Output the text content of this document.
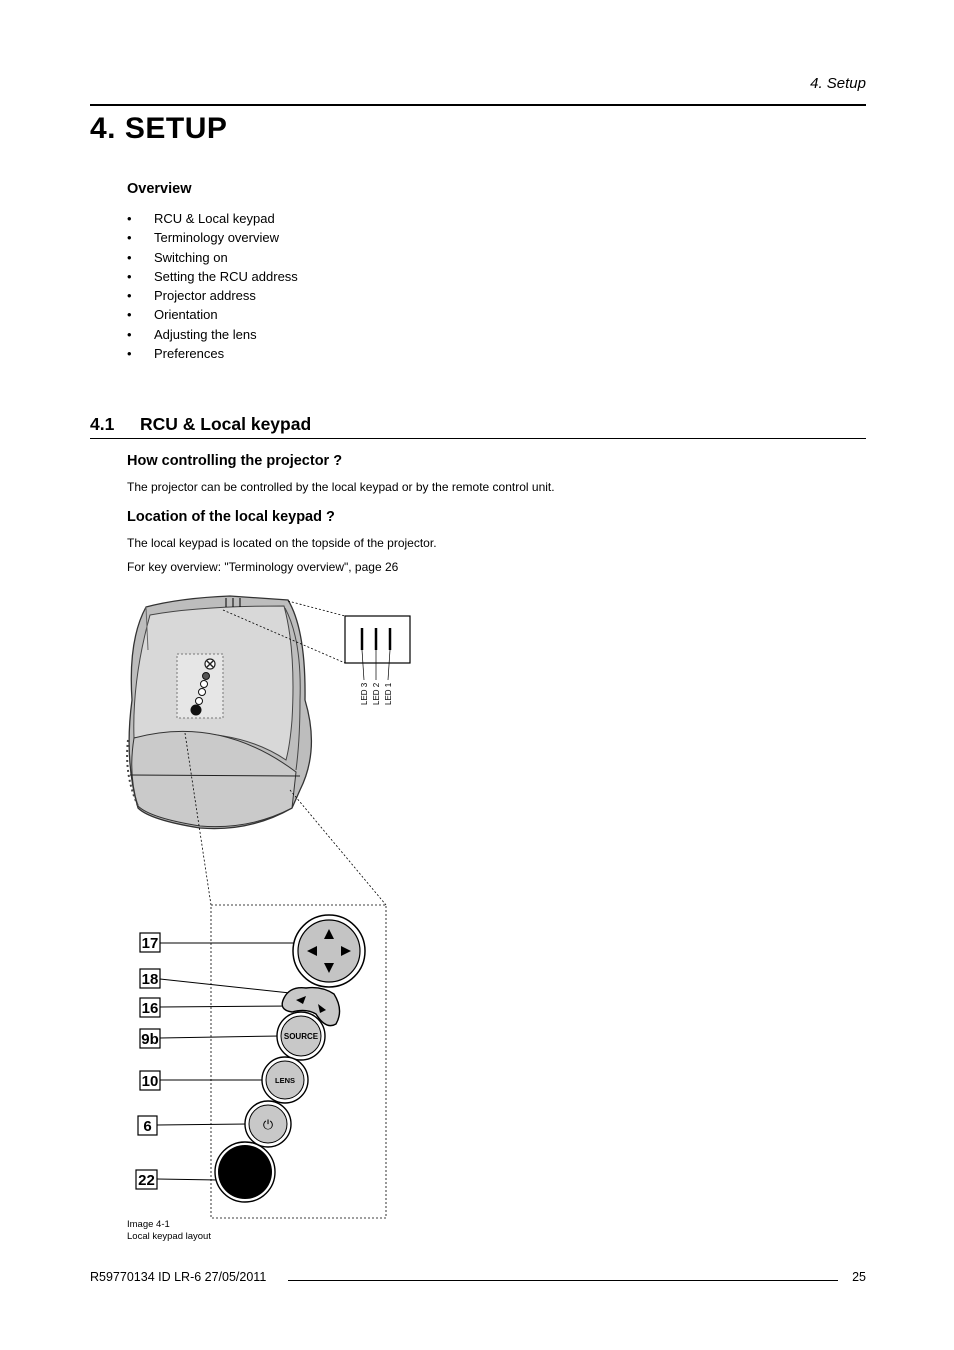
4. Setup
4. SETUP
Overview
• RCU & Local keypad
• Terminology overview
• Switching on
• Setting the RCU address
• Projector address
• Orientation
• Adjusting the lens
• Preferences
4.1 RCU & Local keypad
How controlling the projector ?

The projector can be controlled by the local keypad or by the remote control unit.

Location of the local keypad ?

The local keypad is located on the topside of the projector.

For key overview: "Terminology overview", page 26

LED 3 LED 2 LED 1
SOURCE
LENS
⏻
17
18
16
9b
10
6
22
Image 4-1
Local keypad layout
R59770134 ID LR-6 27/05/2011	25
